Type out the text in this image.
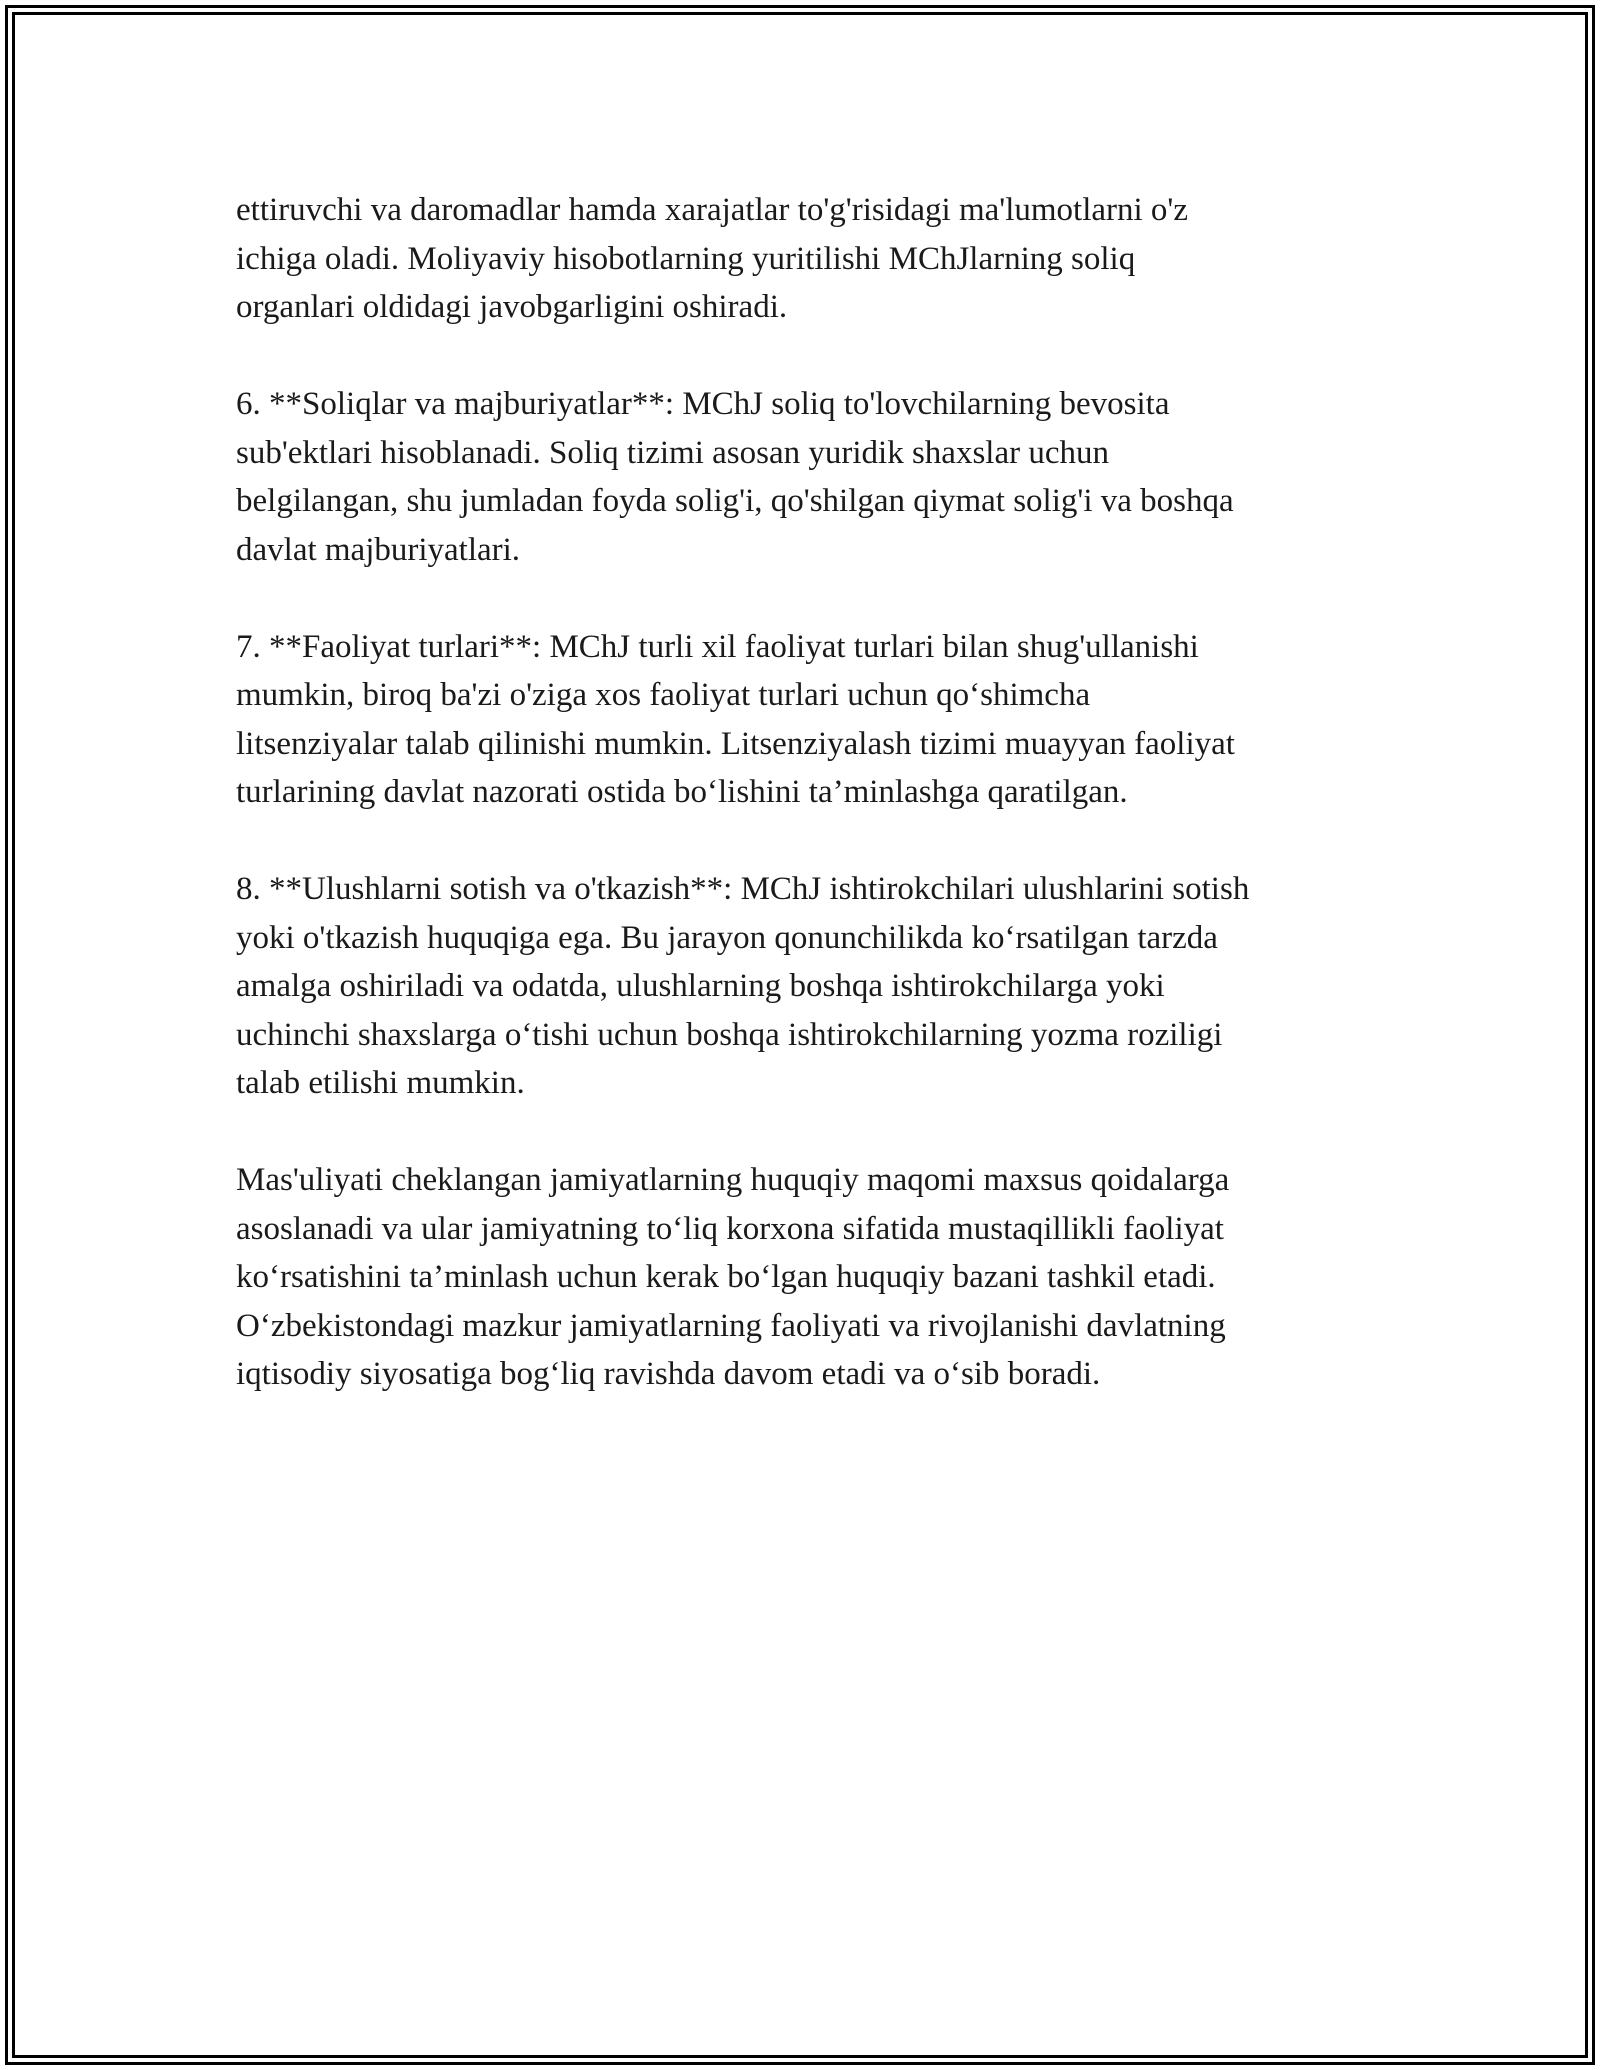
ettiruvchi va daromadlar hamda xarajatlar to'g'risidagi ma'lumotlarni o'z
ichiga oladi. Moliyaviy hisobotlarning yuritilishi MChJlarning soliq
organlari oldidagi javobgarligini oshiradi.

6. **Soliqlar va majburiyatlar**: MChJ soliq to'lovchilarning bevosita
sub'ektlari hisoblanadi. Soliq tizimi asosan yuridik shaxslar uchun
belgilangan, shu jumladan foyda solig'i, qo'shilgan qiymat solig'i va boshqa
davlat majburiyatlari.

7. **Faoliyat turlari**: MChJ turli xil faoliyat turlari bilan shug'ullanishi
mumkin, biroq ba'zi o'ziga xos faoliyat turlari uchun qo‘shimcha
litsenziyalar talab qilinishi mumkin. Litsenziyalash tizimi muayyan faoliyat
turlarining davlat nazorati ostida bo‘lishini ta’minlashga qaratilgan.

8. **Ulushlarni sotish va o'tkazish**: MChJ ishtirokchilari ulushlarini sotish
yoki o'tkazish huquqiga ega. Bu jarayon qonunchilikda ko‘rsatilgan tarzda
amalga oshiriladi va odatda, ulushlarning boshqa ishtirokchilarga yoki
uchinchi shaxslarga o‘tishi uchun boshqa ishtirokchilarning yozma roziligi
talab etilishi mumkin.

Mas'uliyati cheklangan jamiyatlarning huquqiy maqomi maxsus qoidalarga
asoslanadi va ular jamiyatning to‘liq korxona sifatida mustaqillikli faoliyat
ko‘rsatishini ta’minlash uchun kerak bo‘lgan huquqiy bazani tashkil etadi.
O‘zbekistondagi mazkur jamiyatlarning faoliyati va rivojlanishi davlatning
iqtisodiy siyosatiga bog‘liq ravishda davom etadi va o‘sib boradi.
